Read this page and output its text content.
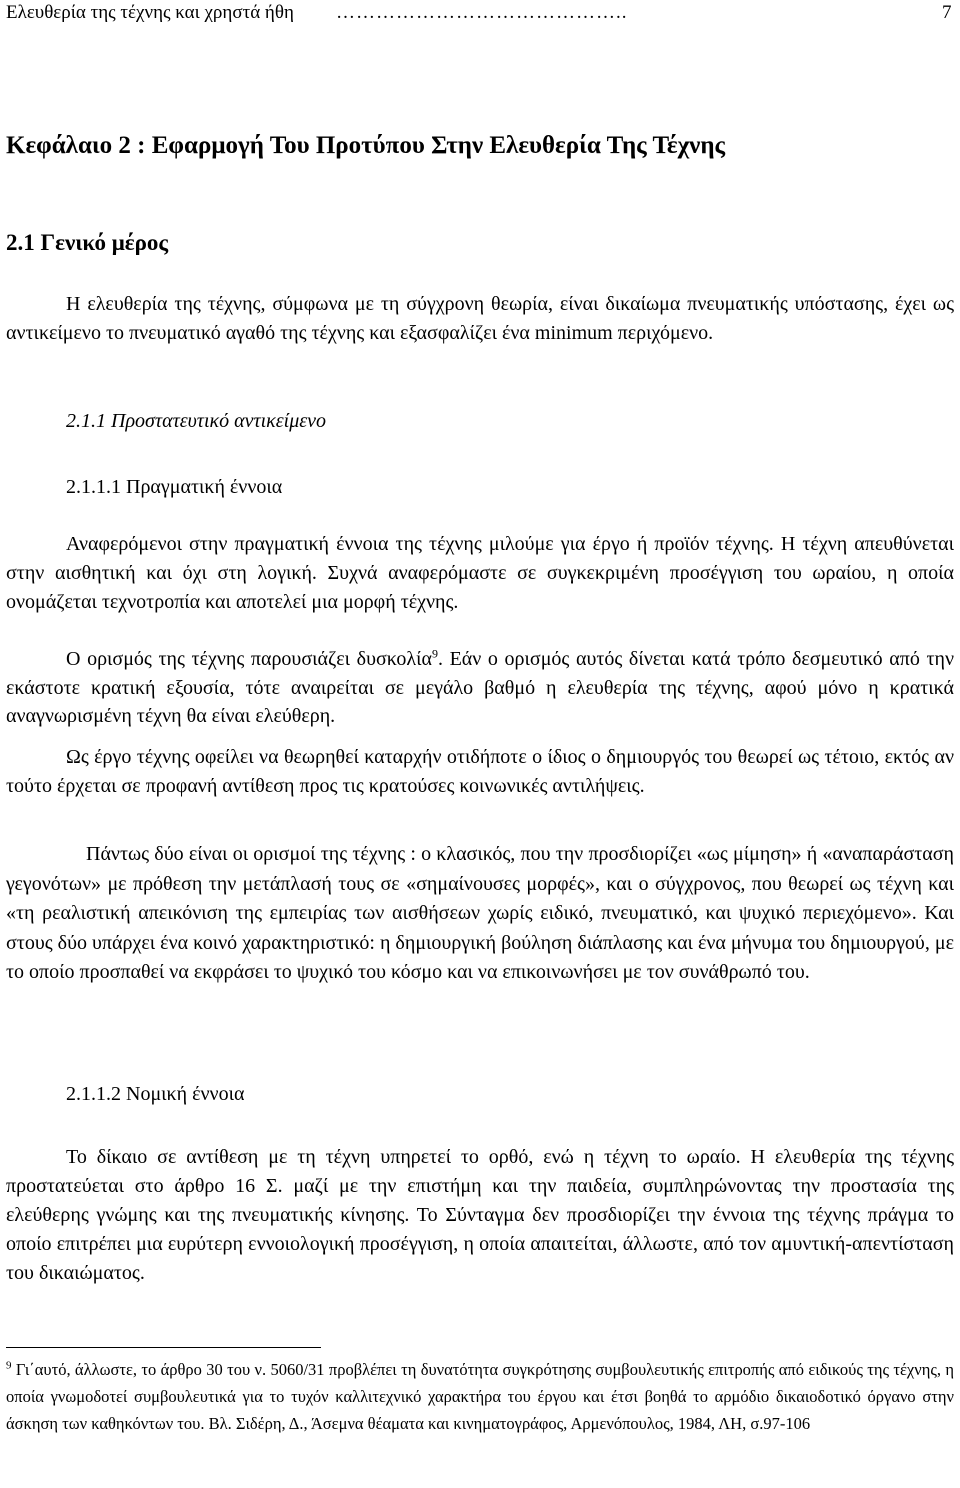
Ελευθερία της τέχνης και χρηστά ήθη ……………………………………..	7
Κεφάλαιο 2 : Εφαρμογή Του Προτύπου Στην Ελευθερία Της Τέχνης
2.1 Γενικό μέρος

Η ελευθερία της τέχνης, σύμφωνα με τη σύγχρονη θεωρία, είναι δικαίωμα πνευματικής υπόστασης, έχει ως αντικείμενο το πνευματικό αγαθό της τέχνης και εξασφαλίζει ένα minimum περιχόμενο.

2.1.1 Προστατευτικό αντικείμενο
2.1.1.1 Πραγματική έννοια

Αναφερόμενοι στην πραγματική έννοια της τέχνης μιλούμε για έργο ή προϊόν τέχνης. Η τέχνη απευθύνεται στην αισθητική και όχι στη λογική. Συχνά αναφερόμαστε σε συγκεκριμένη προσέγγιση του ωραίου, η οποία ονομάζεται τεχνοτροπία και αποτελεί μια μορφή τέχνης.

Ο ορισμός της τέχνης παρουσιάζει δυσκολία$^9$. Εάν ο ορισμός αυτός δίνεται κατά τρόπο δεσμευτικό από την εκάστοτε κρατική εξουσία, τότε αναιρείται σε μεγάλο βαθμό η ελευθερία της τέχνης, αφού μόνο η κρατικά αναγνωρισμένη τέχνη θα είναι ελεύθερη.

Ως έργο τέχνης οφείλει να θεωρηθεί καταρχήν οτιδήποτε ο ίδιος ο δημιουργός του θεωρεί ως τέτοιο, εκτός αν τούτο έρχεται σε προφανή αντίθεση προς τις κρατούσες κοινωνικές αντιλήψεις.

Πάντως δύο είναι οι ορισμοί της τέχνης : ο κλασικός, που την προσδιορίζει «ως μίμηση» ή «αναπαράσταση γεγονότων» με πρόθεση την μετάπλασή τους σε «σημαίνουσες μορφές», και ο σύγχρονος, που θεωρεί ως τέχνη και «τη ρεαλιστική απεικόνιση της εμπειρίας των αισθήσεων χωρίς ειδικό, πνευματικό, και ψυχικό περιεχόμενο». Και στους δύο υπάρχει ένα κοινό χαρακτηριστικό: η δημιουργική βούληση διάπλασης και ένα μήνυμα του δημιουργού, με το οποίο προσπαθεί να εκφράσει το ψυχικό του κόσμο και να επικοινωνήσει με τον συνάθρωπό του.

2.1.1.2 Νομική έννοια

Το δίκαιο σε αντίθεση με τη τέχνη υπηρετεί το ορθό, ενώ η τέχνη το ωραίο. Η ελευθερία της τέχνης προστατεύεται στο άρθρο 16 Σ. μαζί με την επιστήμη και την παιδεία, συμπληρώνοντας την προστασία της ελεύθερης γνώμης και της πνευματικής κίνησης. Το Σύνταγμα δεν προσδιορίζει την έννοια της τέχνης πράγμα το οποίο επιτρέπει μια ευρύτερη εννοιολογική προσέγγιση, η οποία απαιτείται, άλλωστε, από τον αμυντική-απεντίσταση του δικαιώματος.

$^9$ Γι΄αυτό, άλλωστε, το άρθρο 30 του ν. 5060/31 προβλέπει τη δυνατότητα συγκρότησης συμβουλευτικής επιτροπής από ειδικούς της τέχνης, η οποία γνωμοδοτεί συμβουλευτικά για το τυχόν καλλιτεχνικό χαρακτήρα του έργου και έτσι βοηθά το αρμόδιο δικαιοδοτικό όργανο στην άσκηση των καθηκόντων του. Βλ. Σιδέρη, Δ., Άσεμνα θέαματα και κινηματογράφος, Αρμενόπουλος, 1984, ΛΗ, σ.97-106
